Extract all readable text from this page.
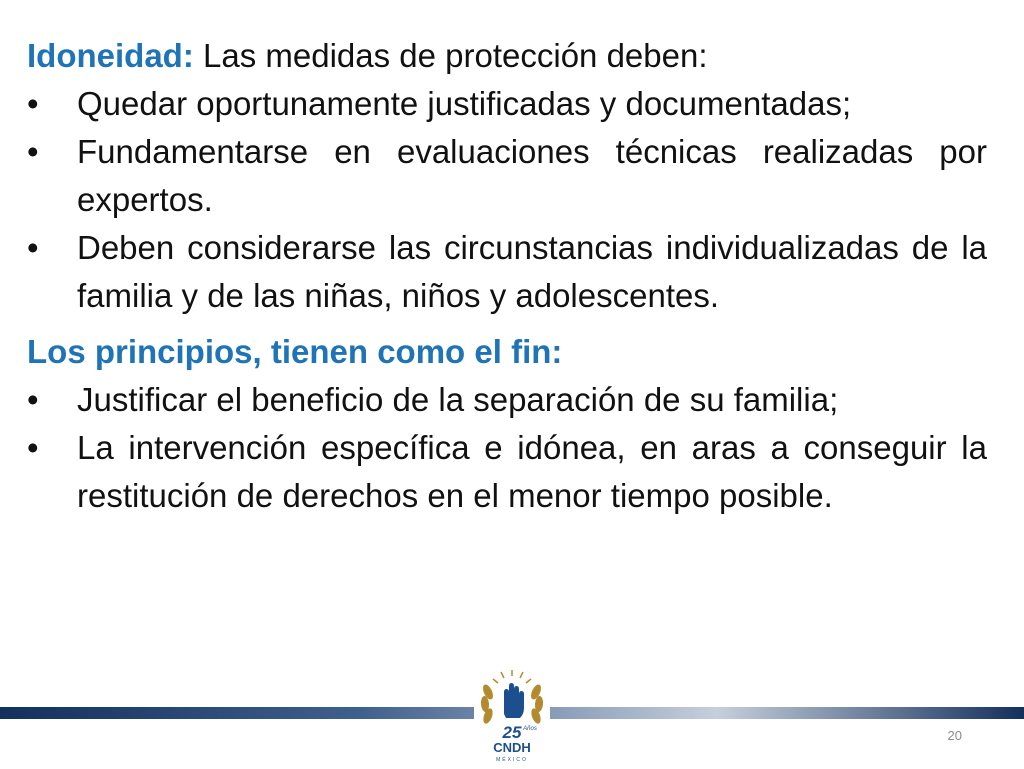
Idoneidad: Las medidas de protección deben:

• Quedar oportunamente justificadas y documentadas;
• Fundamentarse en evaluaciones técnicas realizadas por expertos.
• Deben considerarse las circunstancias individualizadas de la familia y de las niñas, niños y adolescentes.

Los principios, tienen como el fin:

• Justificar el beneficio de la separación de su familia;
• La intervención específica e idónea, en aras a conseguir la restitución de derechos en el menor tiempo posible.
25 Años
CNDH
MÉXICO
20
